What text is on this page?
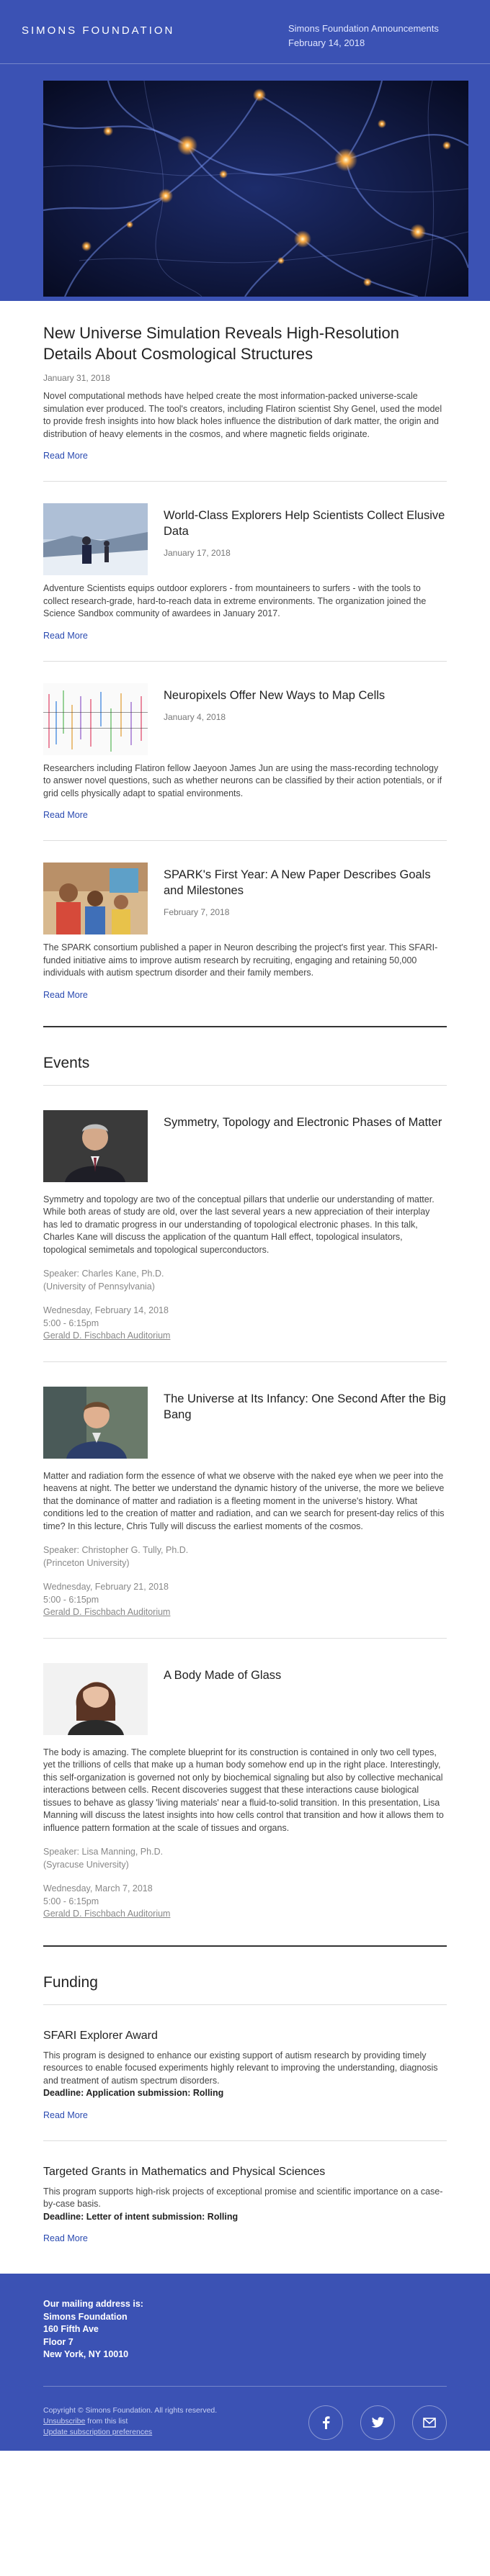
SIMONS FOUNDATION	Simons Foundation Announcements
February 14, 2018
New Universe Simulation Reveals High-Resolution Details About Cosmological Structures
January 31, 2018
Novel computational methods have helped create the most information-packed universe-scale simulation ever produced. The tool's creators, including Flatiron scientist Shy Genel, used the model to provide fresh insights into how black holes influence the distribution of dark matter, the origin and distribution of heavy elements in the cosmos, and where magnetic fields originate.
Read More
World-Class Explorers Help Scientists Collect Elusive Data
January 17, 2018
Adventure Scientists equips outdoor explorers - from mountaineers to surfers - with the tools to collect research-grade, hard-to-reach data in extreme environments. The organization joined the Science Sandbox community of awardees in January 2017.
Read More
Neuropixels Offer New Ways to Map Cells
January 4, 2018
Researchers including Flatiron fellow Jaeyoon James Jun are using the mass-recording technology to answer novel questions, such as whether neurons can be classified by their action potentials, or if grid cells physically adapt to spatial environments.
Read More
SPARK's First Year: A New Paper Describes Goals and Milestones
February 7, 2018
The SPARK consortium published a paper in Neuron describing the project's first year. This SFARI-funded initiative aims to improve autism research by recruiting, engaging and retaining 50,000 individuals with autism spectrum disorder and their family members.
Read More
Events
Symmetry, Topology and Electronic Phases of Matter
Symmetry and topology are two of the conceptual pillars that underlie our understanding of matter. While both areas of study are old, over the last several years a new appreciation of their interplay has led to dramatic progress in our understanding of topological electronic phases. In this talk, Charles Kane will discuss the application of the quantum Hall effect, topological insulators, topological semimetals and topological superconductors.
Speaker: Charles Kane, Ph.D.
(University of Pennsylvania)
Wednesday, February 14, 2018
5:00 - 6:15pm
Gerald D. Fischbach Auditorium
The Universe at Its Infancy: One Second After the Big Bang
Matter and radiation form the essence of what we observe with the naked eye when we peer into the heavens at night. The better we understand the dynamic history of the universe, the more we believe that the dominance of matter and radiation is a fleeting moment in the universe's history. What conditions led to the creation of matter and radiation, and can we search for present-day relics of this time? In this lecture, Chris Tully will discuss the earliest moments of the cosmos.
Speaker: Christopher G. Tully, Ph.D.
(Princeton University)
Wednesday, February 21, 2018
5:00 - 6:15pm
Gerald D. Fischbach Auditorium
A Body Made of Glass
The body is amazing. The complete blueprint for its construction is contained in only two cell types, yet the trillions of cells that make up a human body somehow end up in the right place. Interestingly, this self-organization is governed not only by biochemical signaling but also by collective mechanical interactions between cells. Recent discoveries suggest that these interactions cause biological tissues to behave as glassy 'living materials' near a fluid-to-solid transition. In this presentation, Lisa Manning will discuss the latest insights into how cells control that transition and how it allows them to influence pattern formation at the scale of tissues and organs.
Speaker: Lisa Manning, Ph.D.
(Syracuse University)
Wednesday, March 7, 2018
5:00 - 6:15pm
Gerald D. Fischbach Auditorium
Funding
SFARI Explorer Award
This program is designed to enhance our existing support of autism research by providing timely resources to enable focused experiments highly relevant to improving the understanding, diagnosis and treatment of autism spectrum disorders.
Deadline: Application submission: Rolling
Read More
Targeted Grants in Mathematics and Physical Sciences
This program supports high-risk projects of exceptional promise and scientific importance on a case-by-case basis.
Deadline: Letter of intent submission: Rolling
Read More
Our mailing address is:
Simons Foundation
160 Fifth Ave
Floor 7
New York, NY 10010
Copyright © Simons Foundation. All rights reserved.
Unsubscribe from this list
Update subscription preferences
